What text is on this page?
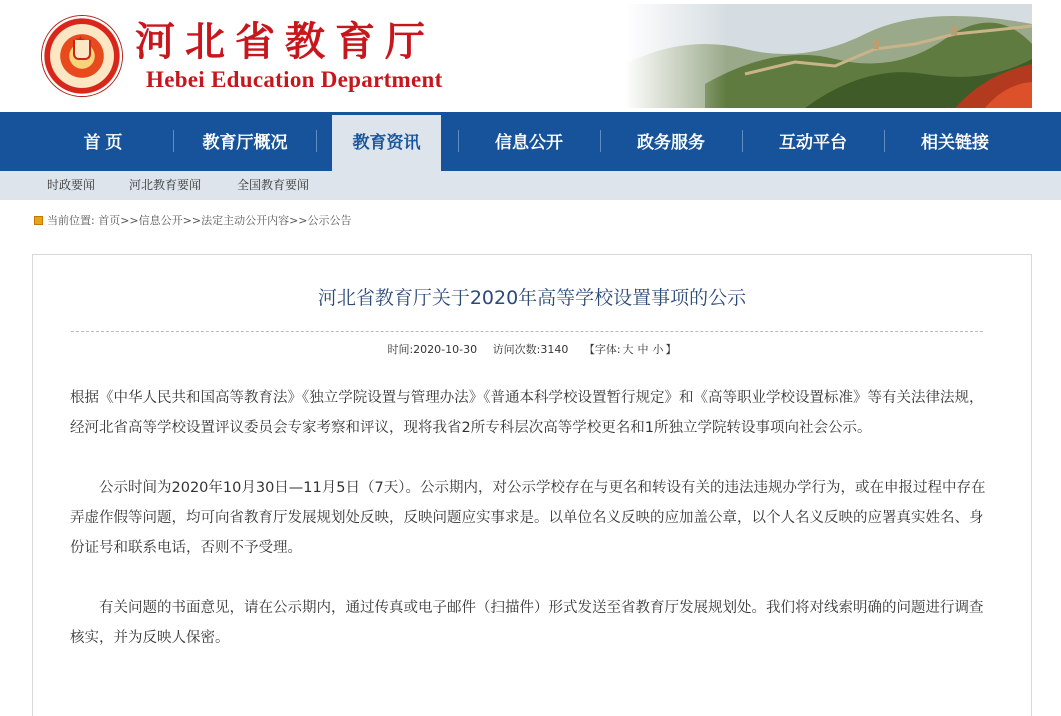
河北省教育厅
Hebei Education Department
首 页	教育厅概况	教育资讯	信息公开	政务服务	互动平台	相关链接
时政要闻	河北教育要闻	全国教育要闻
当前位置: 首页>>信息公开>>法定主动公开内容>>公示公告
河北省教育厅关于2020年高等学校设置事项的公示
时间:2020-10-30 访问次数:3140 【字体: 大 中 小 】

根据《中华人民共和国高等教育法》《独立学院设置与管理办法》《普通本科学校设置暂行规定》和《高等职业学校设置标准》等有关法律法规，经河北省高等学校设置评议委员会专家考察和评议，现将我省2所专科层次高等学校更名和1所独立学院转设事项向社会公示。

公示时间为2020年10月30日—11月5日（7天）。公示期内，对公示学校存在与更名和转设有关的违法违规办学行为，或在申报过程中存在弄虚作假等问题，均可向省教育厅发展规划处反映，反映问题应实事求是。以单位名义反映的应加盖公章，以个人名义反映的应署真实姓名、身份证号和联系电话，否则不予受理。

有关问题的书面意见，请在公示期内，通过传真或电子邮件（扫描件）形式发送至省教育厅发展规划处。我们将对线索明确的问题进行调查核实，并为反映人保密。
